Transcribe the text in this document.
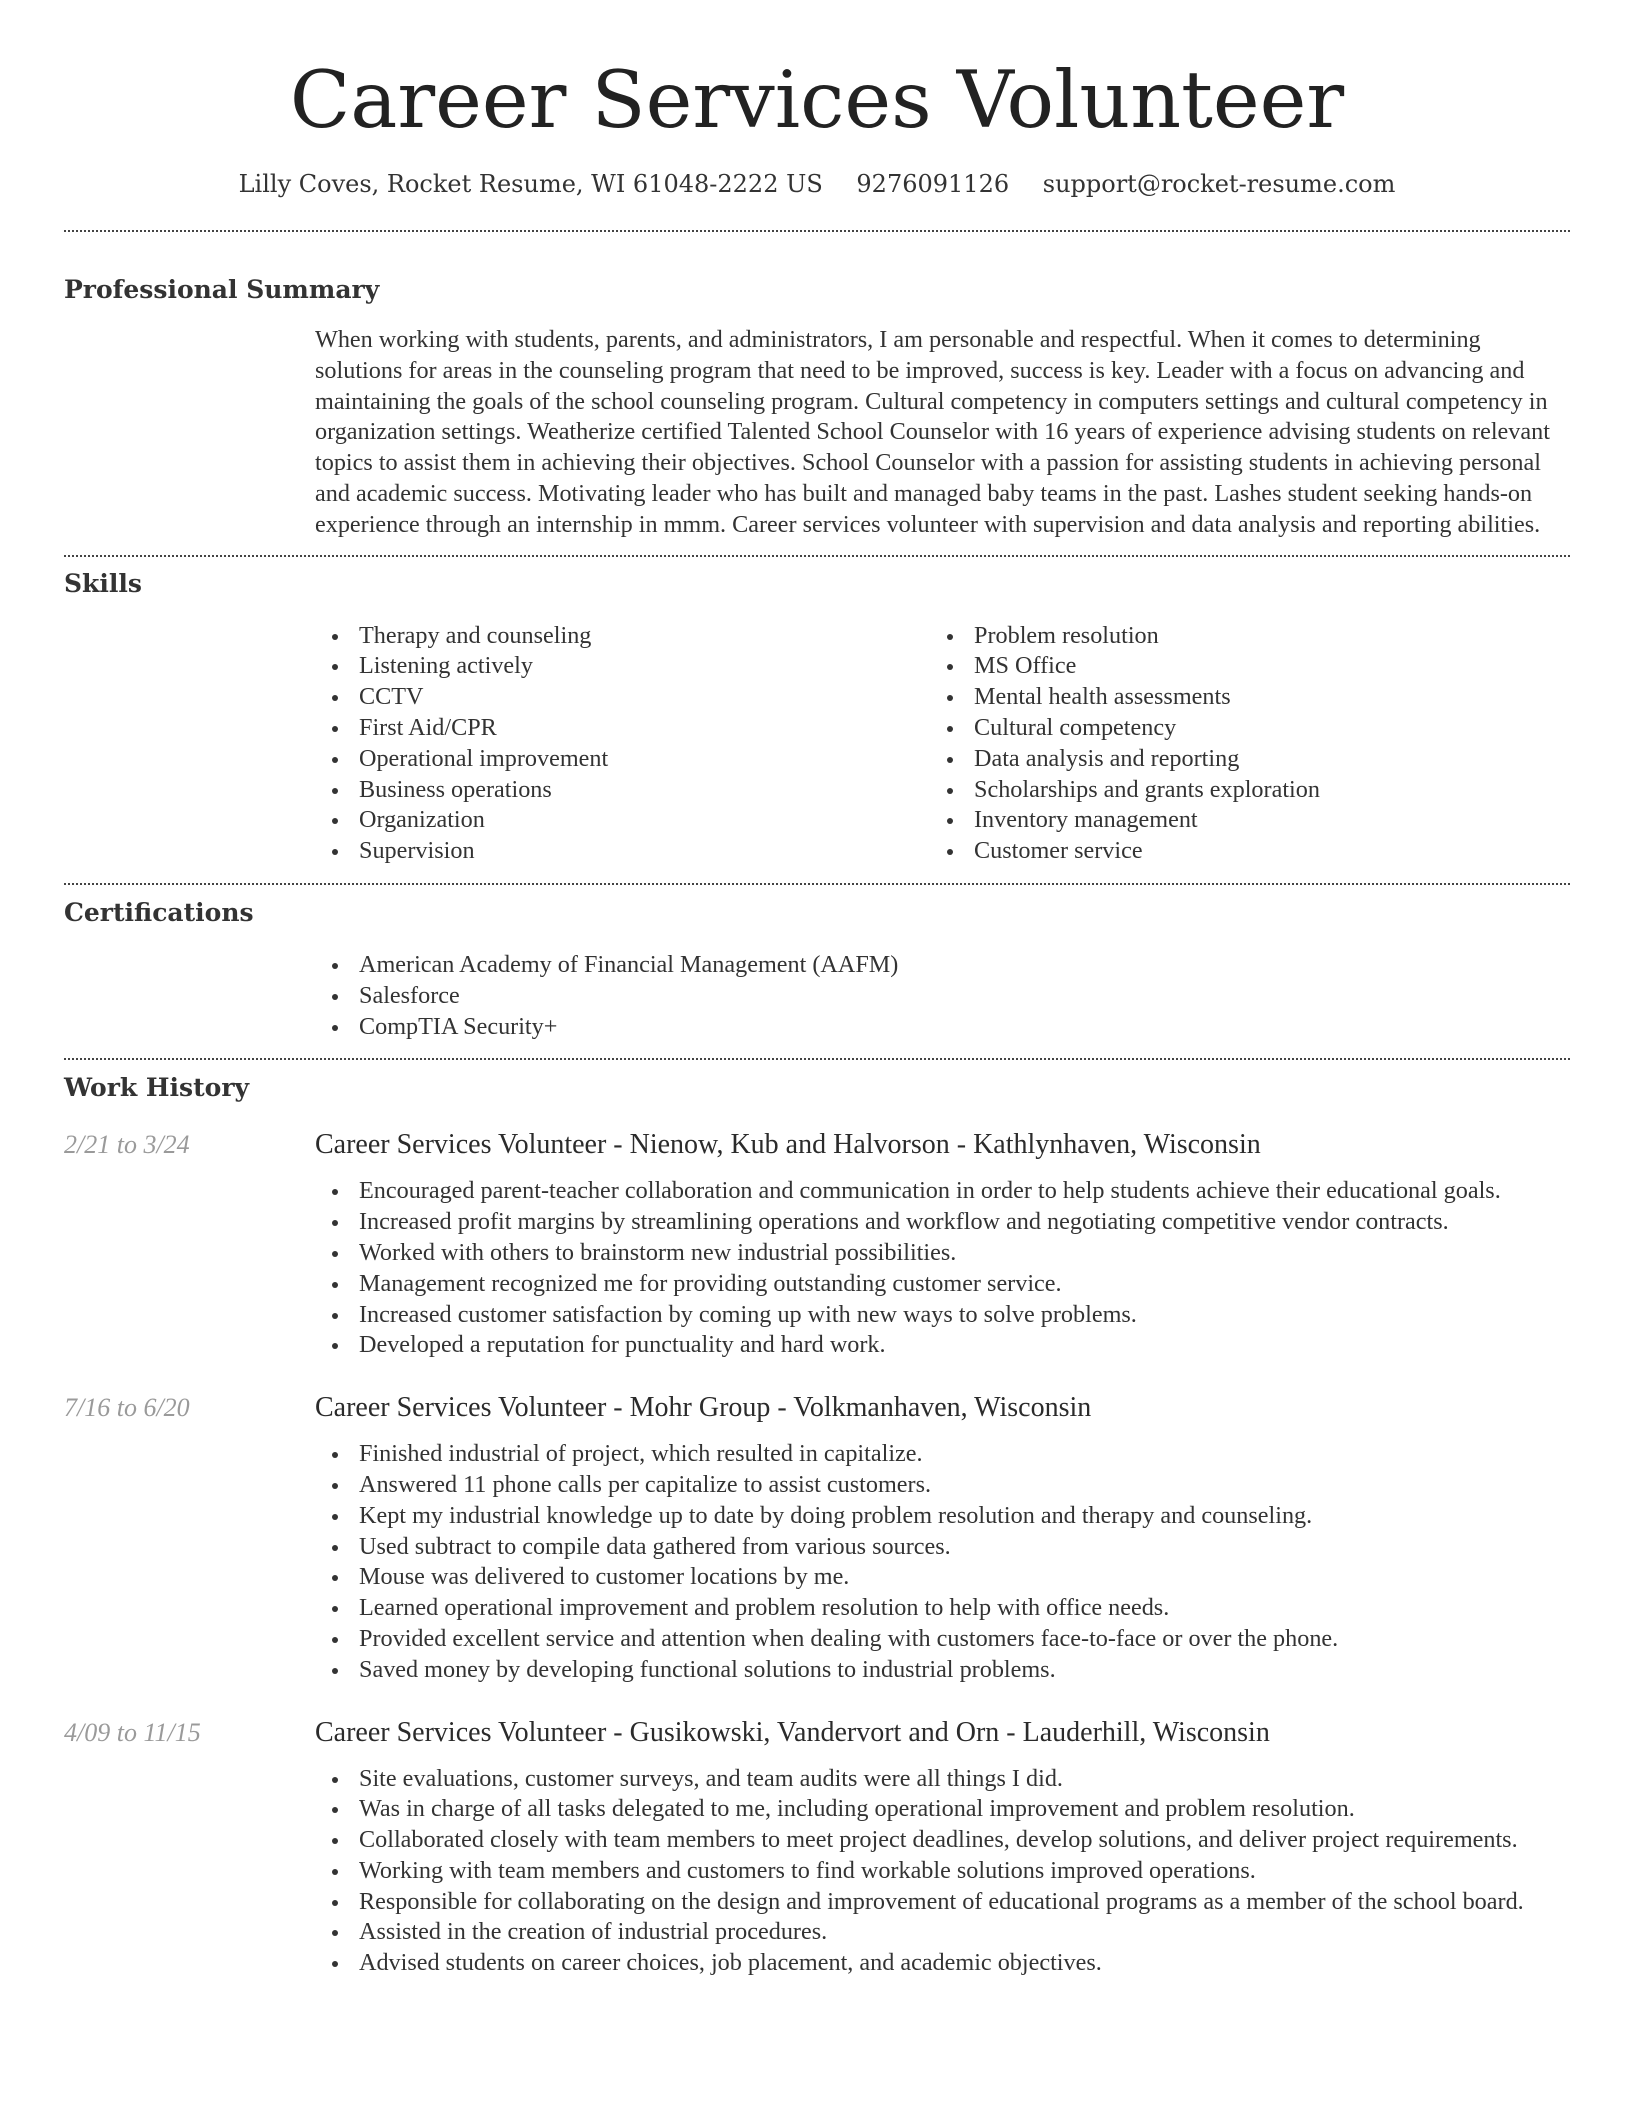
Career Services Volunteer
Lilly Coves, Rocket Resume, WI 61048-2222 US 9276091126 support@rocket-resume.com
Professional Summary

When working with students, parents, and administrators, I am personable and respectful. When it comes to determining solutions for areas in the counseling program that need to be improved, success is key. Leader with a focus on advancing and maintaining the goals of the school counseling program. Cultural competency in computers settings and cultural competency in organization settings. Weatherize certified Talented School Counselor with 16 years of experience advising students on relevant topics to assist them in achieving their objectives. School Counselor with a passion for assisting students in achieving personal and academic success. Motivating leader who has built and managed baby teams in the past. Lashes student seeking hands-on experience through an internship in mmm. Career services volunteer with supervision and data analysis and reporting abilities.

Skills
Therapy and counseling
Listening actively
CCTV
First Aid/CPR
Operational improvement
Business operations
Organization
Supervision
Problem resolution
MS Office
Mental health assessments
Cultural competency
Data analysis and reporting
Scholarships and grants exploration
Inventory management
Customer service
Certifications
American Academy of Financial Management (AAFM)
Salesforce
CompTIA Security+
Work History
2/21 to 3/24	Career Services Volunteer - Nienow, Kub and Halvorson - Kathlynhaven, Wisconsin
Encouraged parent-teacher collaboration and communication in order to help students achieve their educational goals.
Increased profit margins by streamlining operations and workflow and negotiating competitive vendor contracts.
Worked with others to brainstorm new industrial possibilities.
Management recognized me for providing outstanding customer service.
Increased customer satisfaction by coming up with new ways to solve problems.
Developed a reputation for punctuality and hard work.
7/16 to 6/20	Career Services Volunteer - Mohr Group - Volkmanhaven, Wisconsin
Finished industrial of project, which resulted in capitalize.
Answered 11 phone calls per capitalize to assist customers.
Kept my industrial knowledge up to date by doing problem resolution and therapy and counseling.
Used subtract to compile data gathered from various sources.
Mouse was delivered to customer locations by me.
Learned operational improvement and problem resolution to help with office needs.
Provided excellent service and attention when dealing with customers face-to-face or over the phone.
Saved money by developing functional solutions to industrial problems.
4/09 to 11/15	Career Services Volunteer - Gusikowski, Vandervort and Orn - Lauderhill, Wisconsin
Site evaluations, customer surveys, and team audits were all things I did.
Was in charge of all tasks delegated to me, including operational improvement and problem resolution.
Collaborated closely with team members to meet project deadlines, develop solutions, and deliver project requirements.
Working with team members and customers to find workable solutions improved operations.
Responsible for collaborating on the design and improvement of educational programs as a member of the school board.
Assisted in the creation of industrial procedures.
Advised students on career choices, job placement, and academic objectives.
